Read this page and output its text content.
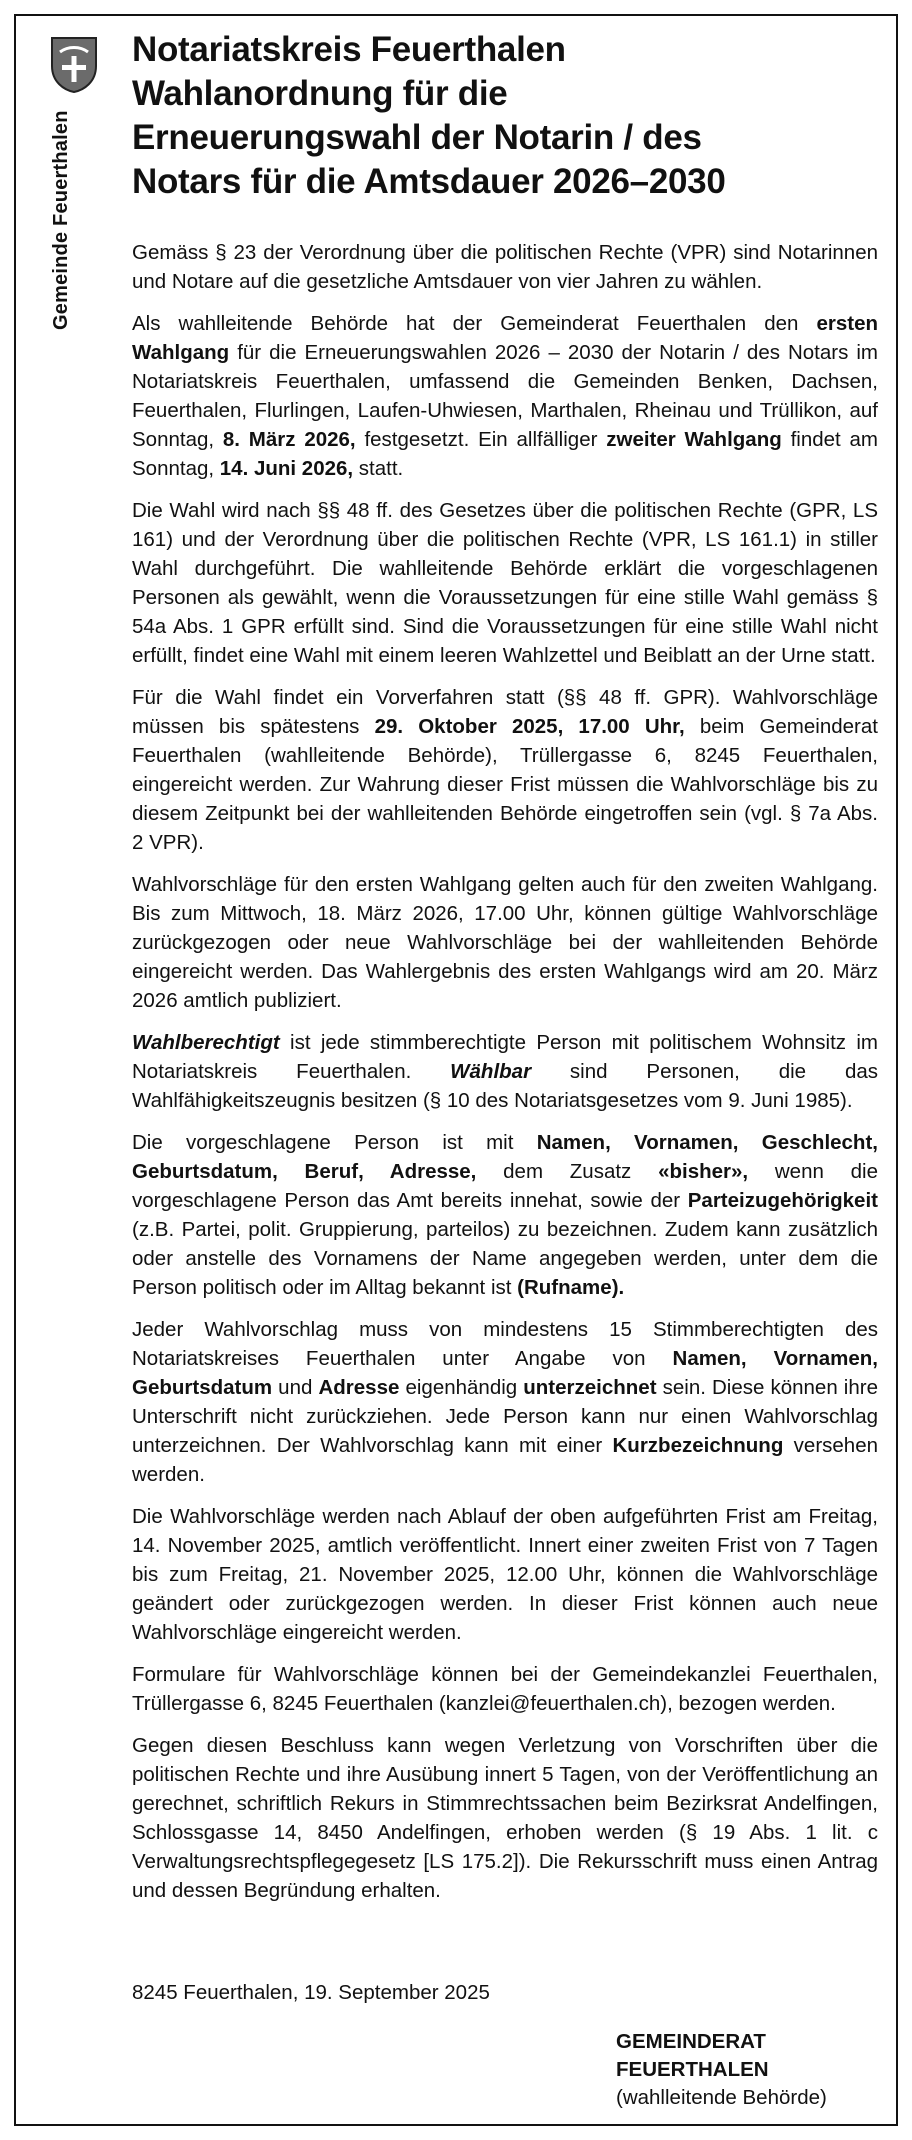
Gemeinde Feuerthalen
Notariatskreis Feuerthalen
Wahlanordnung für die
Erneuerungswahl der Notarin / des
Notars für die Amtsdauer 2026–2030

Gemäss § 23 der Verordnung über die politischen Rechte (VPR) sind Notarinnen und Notare auf die gesetzliche Amtsdauer von vier Jahren zu wählen.

Als wahlleitende Behörde hat der Gemeinderat Feuerthalen den ersten Wahlgang für die Erneuerungswahlen 2026 – 2030 der Notarin / des Notars im Notariatskreis Feuerthalen, umfassend die Gemeinden Benken, Dachsen, Feuerthalen, Flurlingen, Laufen-Uhwiesen, Marthalen, Rheinau und Trüllikon, auf Sonntag, 8. März 2026, festgesetzt. Ein allfälliger zweiter Wahlgang findet am Sonntag, 14. Juni 2026, statt.

Die Wahl wird nach §§ 48 ff. des Gesetzes über die politischen Rechte (GPR, LS 161) und der Verordnung über die politischen Rechte (VPR, LS 161.1) in stiller Wahl durchgeführt. Die wahlleitende Behörde erklärt die vorgeschlagenen Personen als gewählt, wenn die Voraussetzungen für eine stille Wahl gemäss § 54a Abs. 1 GPR erfüllt sind. Sind die Voraussetzungen für eine stille Wahl nicht erfüllt, findet eine Wahl mit einem leeren Wahlzettel und Beiblatt an der Urne statt.

Für die Wahl findet ein Vorverfahren statt (§§ 48 ff. GPR). Wahlvorschläge müssen bis spätestens 29. Oktober 2025, 17.00 Uhr, beim Gemeinderat Feuerthalen (wahlleitende Behörde), Trüllergasse 6, 8245 Feuerthalen, eingereicht werden. Zur Wahrung dieser Frist müssen die Wahlvorschläge bis zu diesem Zeitpunkt bei der wahlleitenden Behörde eingetroffen sein (vgl. § 7a Abs. 2 VPR).

Wahlvorschläge für den ersten Wahlgang gelten auch für den zweiten Wahlgang. Bis zum Mittwoch, 18. März 2026, 17.00 Uhr, können gültige Wahlvorschläge zurückgezogen oder neue Wahlvorschläge bei der wahlleitenden Behörde eingereicht werden. Das Wahlergebnis des ersten Wahlgangs wird am 20. März 2026 amtlich publiziert.

Wahlberechtigt ist jede stimmberechtigte Person mit politischem Wohnsitz im Notariatskreis Feuerthalen. Wählbar sind Personen, die das Wahlfähigkeitszeugnis besitzen (§ 10 des Notariatsgesetzes vom 9. Juni 1985).

Die vorgeschlagene Person ist mit Namen, Vornamen, Geschlecht, Geburtsdatum, Beruf, Adresse, dem Zusatz «bisher», wenn die vorgeschlagene Person das Amt bereits innehat, sowie der Parteizugehörigkeit (z.B. Partei, polit. Gruppierung, parteilos) zu bezeichnen. Zudem kann zusätzlich oder anstelle des Vornamens der Name angegeben werden, unter dem die Person politisch oder im Alltag bekannt ist (Rufname).

Jeder Wahlvorschlag muss von mindestens 15 Stimmberechtigten des Notariatskreises Feuerthalen unter Angabe von Namen, Vornamen, Geburtsdatum und Adresse eigenhändig unterzeichnet sein. Diese können ihre Unterschrift nicht zurückziehen. Jede Person kann nur einen Wahlvorschlag unterzeichnen. Der Wahlvorschlag kann mit einer Kurzbezeichnung versehen werden.

Die Wahlvorschläge werden nach Ablauf der oben aufgeführten Frist am Freitag, 14. November 2025, amtlich veröffentlicht. Innert einer zweiten Frist von 7 Tagen bis zum Freitag, 21. November 2025, 12.00 Uhr, können die Wahlvorschläge geändert oder zurückgezogen werden. In dieser Frist können auch neue Wahlvorschläge eingereicht werden.

Formulare für Wahlvorschläge können bei der Gemeindekanzlei Feuerthalen, Trüllergasse 6, 8245 Feuerthalen (kanzlei@feuerthalen.ch), bezogen werden.

Gegen diesen Beschluss kann wegen Verletzung von Vorschriften über die politischen Rechte und ihre Ausübung innert 5 Tagen, von der Veröffentlichung an gerechnet, schriftlich Rekurs in Stimmrechtssachen beim Bezirksrat Andelfingen, Schlossgasse 14, 8450 Andelfingen, erhoben werden (§ 19 Abs. 1 lit. c Verwaltungsrechtspflegegesetz [LS 175.2]). Die Rekursschrift muss einen Antrag und dessen Begründung erhalten.

8245 Feuerthalen, 19. September 2025
GEMEINDERAT FEUERTHALEN
(wahlleitende Behörde)
